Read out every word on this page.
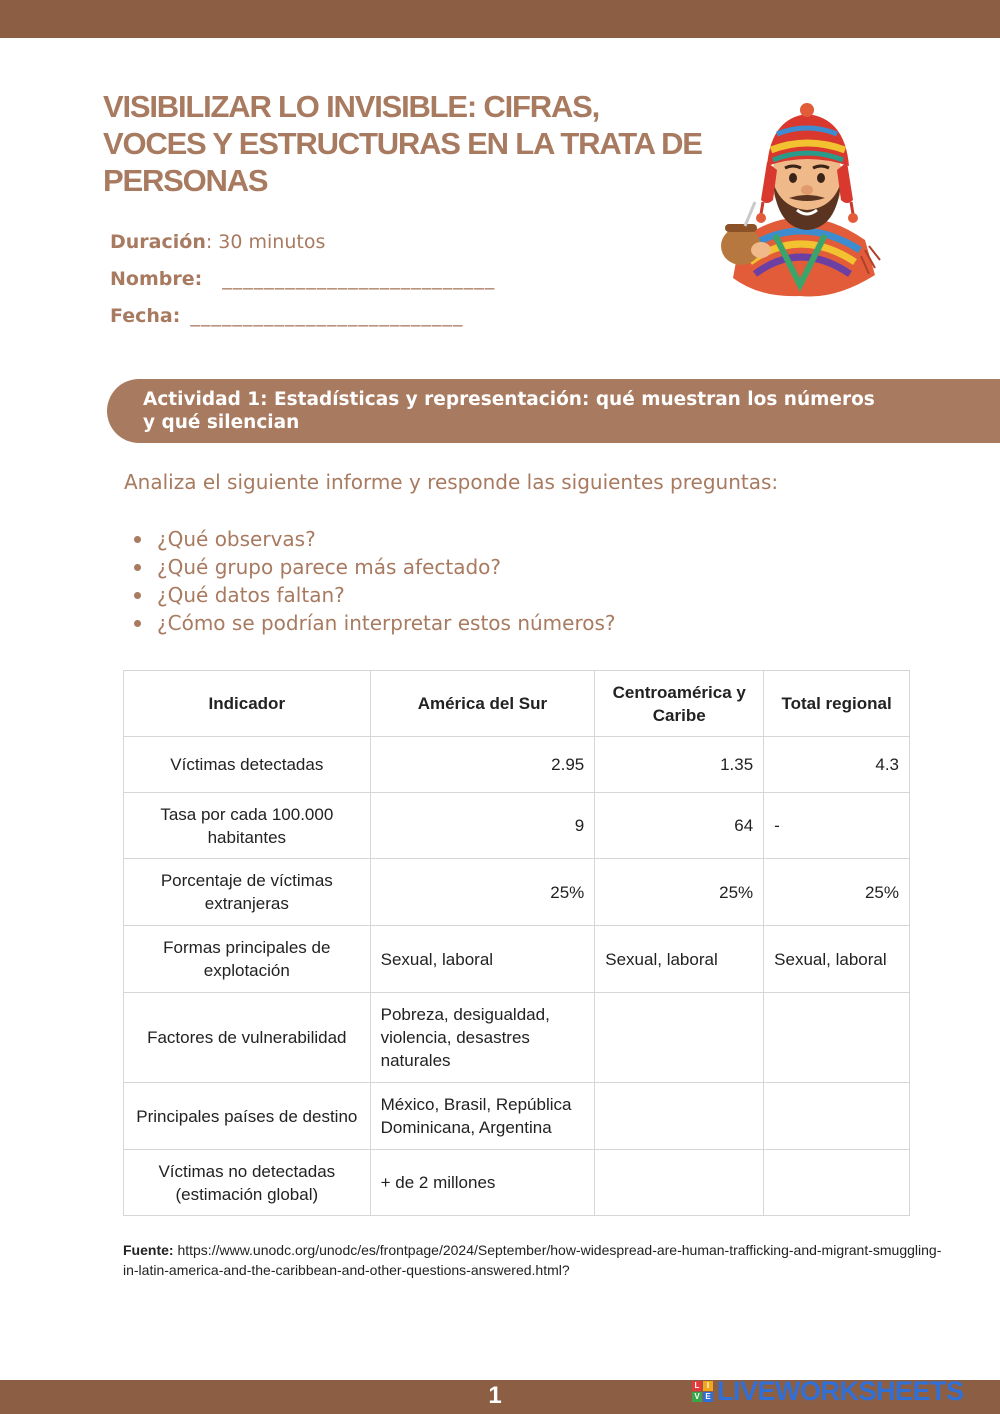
VISIBILIZAR LO INVISIBLE: CIFRAS, VOCES Y ESTRUCTURAS EN LA TRATA DE PERSONAS
Duración: 30 minutos
Nombre: __________________________
Fecha: __________________________
Actividad 1: Estadísticas y representación: qué muestran los números y qué silencian

Analiza el siguiente informe y responde las siguientes preguntas:

¿Qué observas?
¿Qué grupo parece más afectado?
¿Qué datos faltan?
¿Cómo se podrían interpretar estos números?
Indicador	América del Sur	Centroamérica y Caribe	Total regional
Víctimas detectadas	2.95	1.35	4.3
Tasa por cada 100.000 habitantes	9	64	-
Porcentaje de víctimas extranjeras	25%	25%	25%
Formas principales de explotación	Sexual, laboral	Sexual, laboral	Sexual, laboral
Factores de vulnerabilidad	Pobreza, desigualdad, violencia, desastres naturales		
Principales países de destino	México, Brasil, República Dominicana, Argentina		
Víctimas no detectadas (estimación global)	+ de 2 millones		

Fuente: https://www.unodc.org/unodc/es/frontpage/2024/September/how-widespread-are-human-trafficking-and-migrant-smuggling-in-latin-america-and-the-caribbean-and-other-questions-answered.html?

1	L I
V E LIVEWORKSHEETS
